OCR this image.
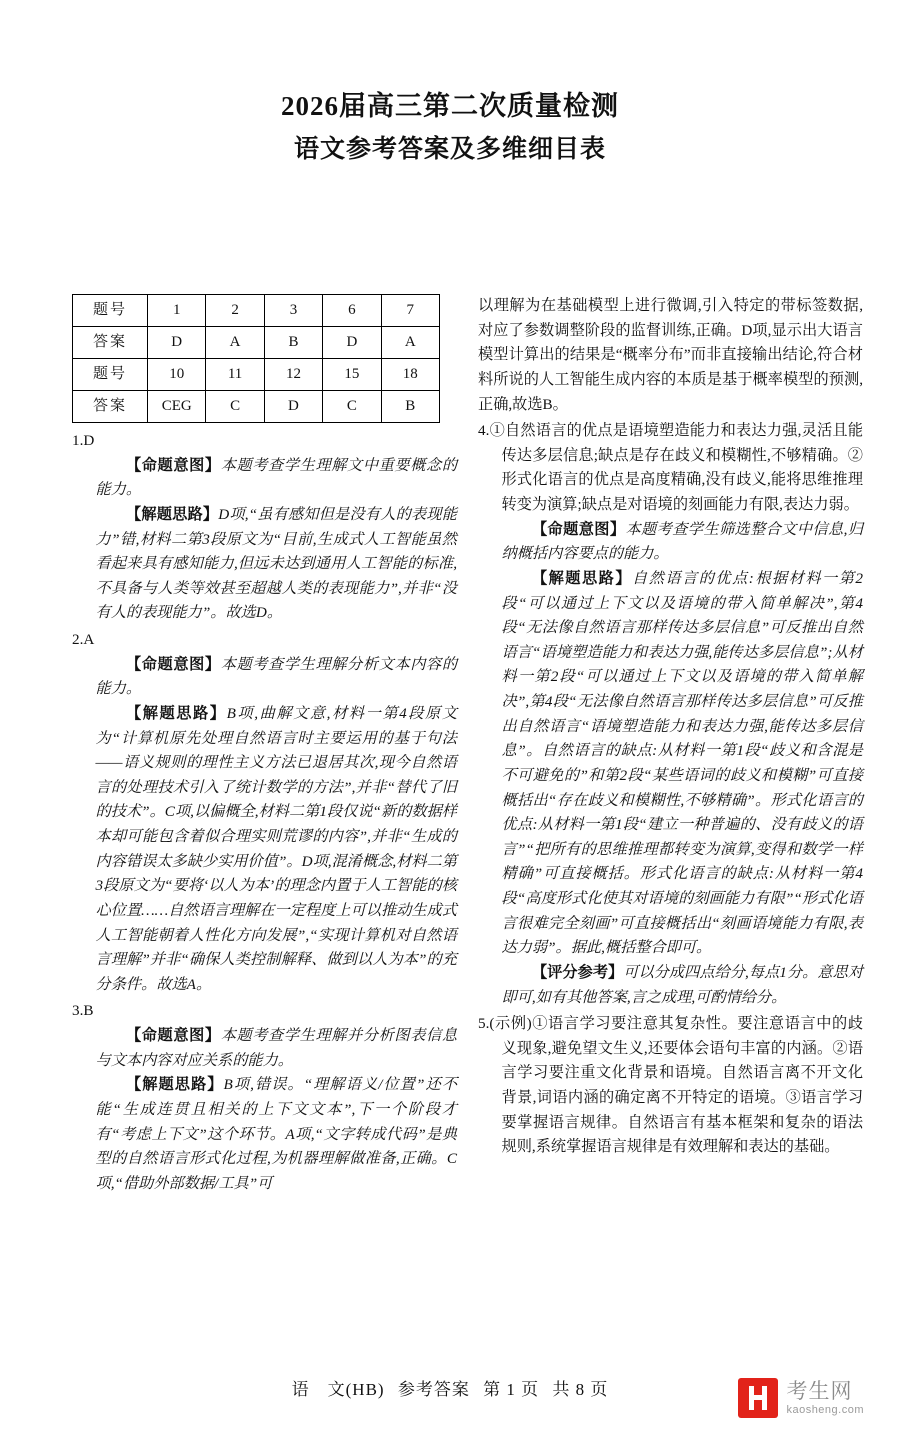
2026届高三第二次质量检测
语文参考答案及多维细目表
题号	1	2	3	6	7
答案	D	A	B	D	A
题号	10	11	12	15	18
答案	CEG	C	D	C	B

1.D

【命题意图】本题考查学生理解文中重要概念的能力。

【解题思路】D项,“虽有感知但是没有人的表现能力”错,材料二第3段原文为“目前,生成式人工智能虽然看起来具有感知能力,但远未达到通用人工智能的标准,不具备与人类等效甚至超越人类的表现能力”,并非“没有人的表现能力”。故选D。

2.A

【命题意图】本题考查学生理解分析文本内容的能力。

【解题思路】B项,曲解文意,材料一第4段原文为“计算机原先处理自然语言时主要运用的基于句法——语义规则的理性主义方法已退居其次,现今自然语言的处理技术引入了统计数学的方法”,并非“替代了旧的技术”。C项,以偏概全,材料二第1段仅说“新的数据样本却可能包含着似合理实则荒谬的内容”,并非“生成的内容错误太多缺少实用价值”。D项,混淆概念,材料二第3段原文为“要将‘以人为本’的理念内置于人工智能的核心位置……自然语言理解在一定程度上可以推动生成式人工智能朝着人性化方向发展”,“实现计算机对自然语言理解”并非“确保人类控制解释、做到以人为本”的充分条件。故选A。

3.B

【命题意图】本题考查学生理解并分析图表信息与文本内容对应关系的能力。

【解题思路】B项,错误。“理解语义/位置”还不能“生成连贯且相关的上下文文本”,下一个阶段才有“考虑上下文”这个环节。A项,“文字转成代码”是典型的自然语言形式化过程,为机器理解做准备,正确。C项,“借助外部数据/工具”可

以理解为在基础模型上进行微调,引入特定的带标签数据,对应了参数调整阶段的监督训练,正确。D项,显示出大语言模型计算出的结果是“概率分布”而非直接输出结论,符合材料所说的人工智能生成内容的本质是基于概率模型的预测,正确,故选B。

4.①自然语言的优点是语境塑造能力和表达力强,灵活且能传达多层信息;缺点是存在歧义和模糊性,不够精确。②形式化语言的优点是高度精确,没有歧义,能将思维推理转变为演算;缺点是对语境的刻画能力有限,表达力弱。

【命题意图】本题考查学生筛选整合文中信息,归纳概括内容要点的能力。

【解题思路】自然语言的优点:根据材料一第2段“可以通过上下文以及语境的带入简单解决”,第4段“无法像自然语言那样传达多层信息”可反推出自然语言“语境塑造能力和表达力强,能传达多层信息”;从材料一第2段“可以通过上下文以及语境的带入简单解决”,第4段“无法像自然语言那样传达多层信息”可反推出自然语言“语境塑造能力和表达力强,能传达多层信息”。自然语言的缺点:从材料一第1段“歧义和含混是不可避免的”和第2段“某些语词的歧义和模糊”可直接概括出“存在歧义和模糊性,不够精确”。形式化语言的优点:从材料一第1段“建立一种普遍的、没有歧义的语言”“把所有的思维推理都转变为演算,变得和数学一样精确”可直接概括。形式化语言的缺点:从材料一第4段“高度形式化使其对语境的刻画能力有限”“形式化语言很难完全刻画”可直接概括出“刻画语境能力有限,表达力弱”。据此,概括整合即可。

【评分参考】可以分成四点给分,每点1分。意思对即可,如有其他答案,言之成理,可酌情给分。

5.(示例)①语言学习要注意其复杂性。要注意语言中的歧义现象,避免望文生义,还要体会语句丰富的内涵。②语言学习要注重文化背景和语境。自然语言离不开文化背景,词语内涵的确定离不开特定的语境。③语言学习要掌握语言规律。自然语言有基本框架和复杂的语法规则,系统掌握语言规律是有效理解和表达的基础。

语　文(HB) 参考答案 第 1 页 共 8 页	考生网
kaosheng.com
